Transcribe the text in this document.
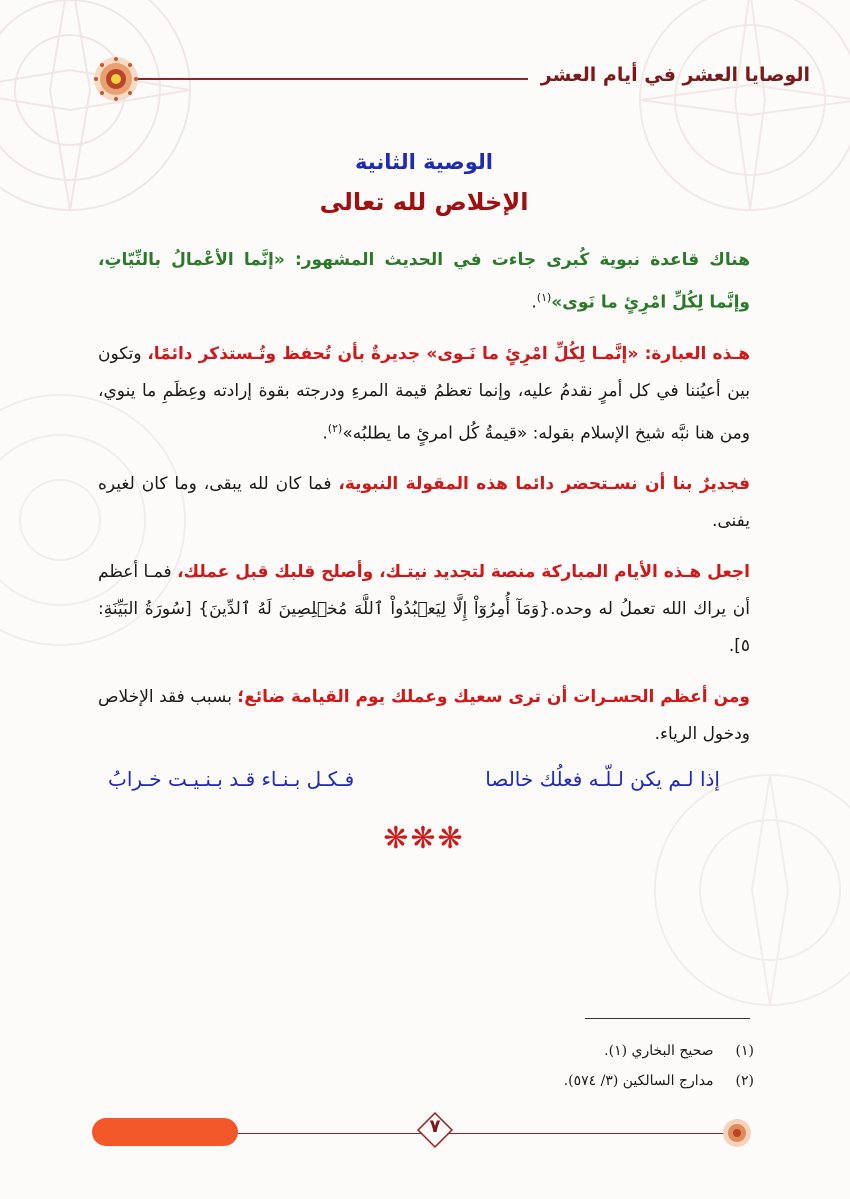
الوصايا العشر في أيام العشر
الوصية الثانية
الإخلاص لله تعالى

هناك قاعدة نبوية كُبرى جاءت في الحديث المشهور: «إنَّما الأعْمالُ بالنِّيّاتِ، وإنَّما لِكُلِّ امْرِئٍ ما نَوى»$^{(١)}$.

هـذه العبارة: «إنَّمـا لِكُلِّ امْرِئٍ ما نَـوى» جديرةٌ بأن تُحفظ وتُـستذكر دائمًا، وتكون بين أعيُننا في كل أمرٍ نقدمُ عليه، وإنما تعظمُ قيمة المرءِ ودرجته بقوة إرادته وعِظَمِ ما ينوي، ومن هنا نبَّه شيخ الإسلام بقوله: «قيمةُ كُل امرئٍ ما يطلبُه»$^{(٢)}$.

فجديرٌ بنا أن نسـتحضر دائما هذه المقولة النبوية، فما كان لله يبقى، وما كان لغيره يفنى.

اجعل هـذه الأيام المباركة منصة لتجديد نيتـك، وأصلح قلبك قبل عملك، فمـا أعظم أن يراك الله تعملُ له وحده.{وَمَآ أُمِرُوٓاْ إِلَّا لِيَعۡبُدُواْ ٱللَّهَ مُخۡلِصِينَ لَهُ ٱلدِّينَ} [سُورَةُ البَيِّنَةِ: ٥].

ومن أعظم الحسـرات أن ترى سعيك وعملك يوم القيامة ضائع؛ بسبب فقد الإخلاص ودخول الرياء.

إذا لـم يكن لـلّـه فعلُك خالصا
فـكـل بـنـاء قـد بـنـيـت خـرابُ
❋❋❋
(١) صحيح البخاري (١).
(٢) مدارج السالكين (٣/ ٥٧٤).
٧
